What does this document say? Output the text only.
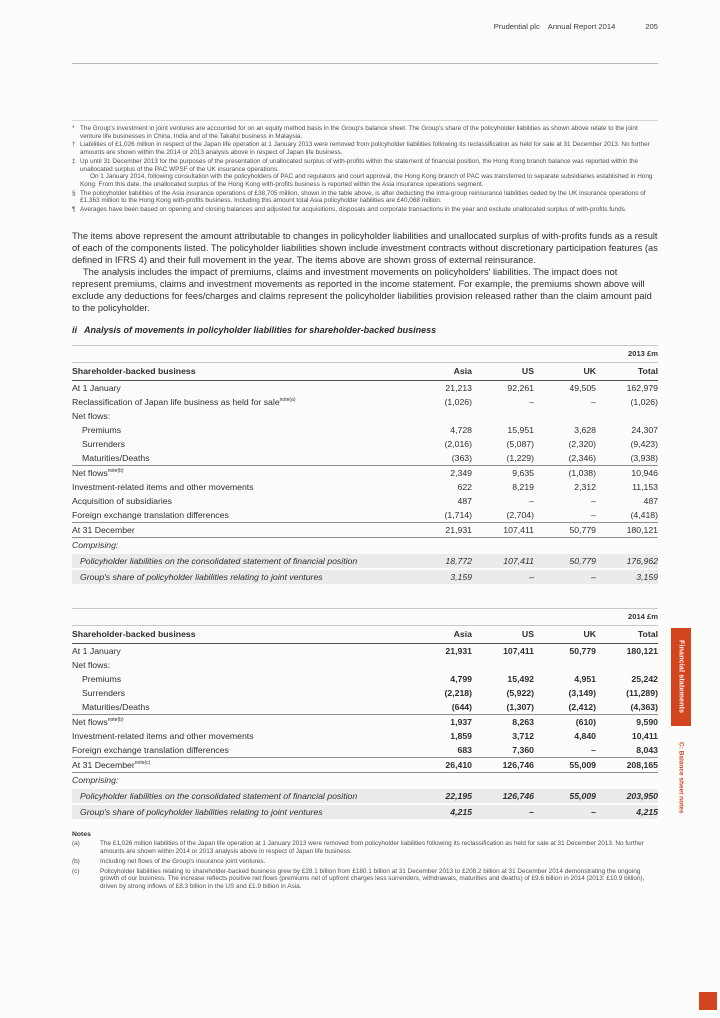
Prudential plc Annual Report 2014	205
* The Group's investment in joint ventures are accounted for on an equity method basis in the Group's balance sheet. The Group's share of the policyholder liabilities as shown above relate to the joint venture life businesses in China, India and of the Takaful business in Malaysia.
† Liabilities of £1,026 million in respect of the Japan life operation at 1 January 2013 were removed from policyholder liabilities following its reclassification as held for sale at 31 December 2013. No further amounts are shown within the 2014 or 2013 analysis above in respect of Japan life business.
‡ Up until 31 December 2013 for the purposes of the presentation of unallocated surplus of with-profits within the statement of financial position, the Hong Kong branch balance was reported within the unallocated surplus of the PAC WPSF of the UK insurance operations.
On 1 January 2014, following consultation with the policyholders of PAC and regulators and court approval, the Hong Kong branch of PAC was transferred to separate subsidiaries established in Hong Kong. From this date, the unallocated surplus of the Hong Kong with-profits business is reported within the Asia insurance operations segment.
§ The policyholder liabilities of the Asia insurance operations of £38,705 million, shown in the table above, is after deducting the intra-group reinsurance liabilities ceded by the UK insurance operations of £1,363 million to the Hong Kong with-profits business. Including this amount total Asia policyholder liabilities are £40,068 million.
¶ Averages have been based on opening and closing balances and adjusted for acquisitions, disposals and corporate transactions in the year and exclude unallocated surplus of with-profits funds.

The items above represent the amount attributable to changes in policyholder liabilities and unallocated surplus of with-profits funds as a result of each of the components listed. The policyholder liabilities shown include investment contracts without discretionary participation features (as defined in IFRS 4) and their full movement in the year. The items above are shown gross of external reinsurance.

The analysis includes the impact of premiums, claims and investment movements on policyholders' liabilities. The impact does not represent premiums, claims and investment movements as reported in the income statement. For example, the premiums shown above will exclude any deductions for fees/charges and claims represent the policyholder liabilities provision released rather than the claim amount paid to the policyholder.

ii Analysis of movements in policyholder liabilities for shareholder-backed business
2013 £m
Shareholder-backed business	Asia	US	UK	Total
At 1 January	21,213	92,261	49,505	162,979
Reclassification of Japan life business as held for sale$^{note(a)}$	(1,026)	–	–	(1,026)
Net flows:
Premiums	4,728	15,951	3,628	24,307
Surrenders	(2,016)	(5,087)	(2,320)	(9,423)
Maturities/Deaths	(363)	(1,229)	(2,346)	(3,938)
Net flows$^{note(b)}$	2,349	9,635	(1,038)	10,946
Investment-related items and other movements	622	8,219	2,312	11,153
Acquisition of subsidiaries	487	–	–	487
Foreign exchange translation differences	(1,714)	(2,704)	–	(4,418)
At 31 December	21,931	107,411	50,779	180,121
Comprising:
Policyholder liabilities on the consolidated statement of financial position	18,772	107,411	50,779	176,962
Group's share of policyholder liabilities relating to joint ventures	3,159	–	–	3,159
2014 £m
Shareholder-backed business	Asia	US	UK	Total
At 1 January	21,931	107,411	50,779	180,121
Net flows:
Premiums	4,799	15,492	4,951	25,242
Surrenders	(2,218)	(5,922)	(3,149)	(11,289)
Maturities/Deaths	(644)	(1,307)	(2,412)	(4,363)
Net flows$^{note(b)}$	1,937	8,263	(610)	9,590
Investment-related items and other movements	1,859	3,712	4,840	10,411
Foreign exchange translation differences	683	7,360	–	8,043
At 31 December$^{note(c)}$	26,410	126,746	55,009	208,165
Comprising:
Policyholder liabilities on the consolidated statement of financial position	22,195	126,746	55,009	203,950
Group's share of policyholder liabilities relating to joint ventures	4,215	–	–	4,215
Notes
(a)	The £1,026 million liabilities of the Japan life operation at 1 January 2013 were removed from policyholder liabilities following its reclassification as held for sale at 31 December 2013. No further amounts are shown within 2014 or 2013 analysis above in respect of Japan life business.
(b)	Including net flows of the Group's insurance joint ventures.
(c)	Policyholder liabilities relating to shareholder-backed business grew by £28.1 billion from £180.1 billion at 31 December 2013 to £208.2 billion at 31 December 2014 demonstrating the ongoing growth of our business. The increase reflects positive net flows (premiums net of upfront charges less surrenders, withdrawals, maturities and deaths) of £9.6 billion in 2014 (2013: £10.9 billion), driven by strong inflows of £8.3 billion in the US and £1.9 billion in Asia.
Financial statements
C: Balance sheet notes
